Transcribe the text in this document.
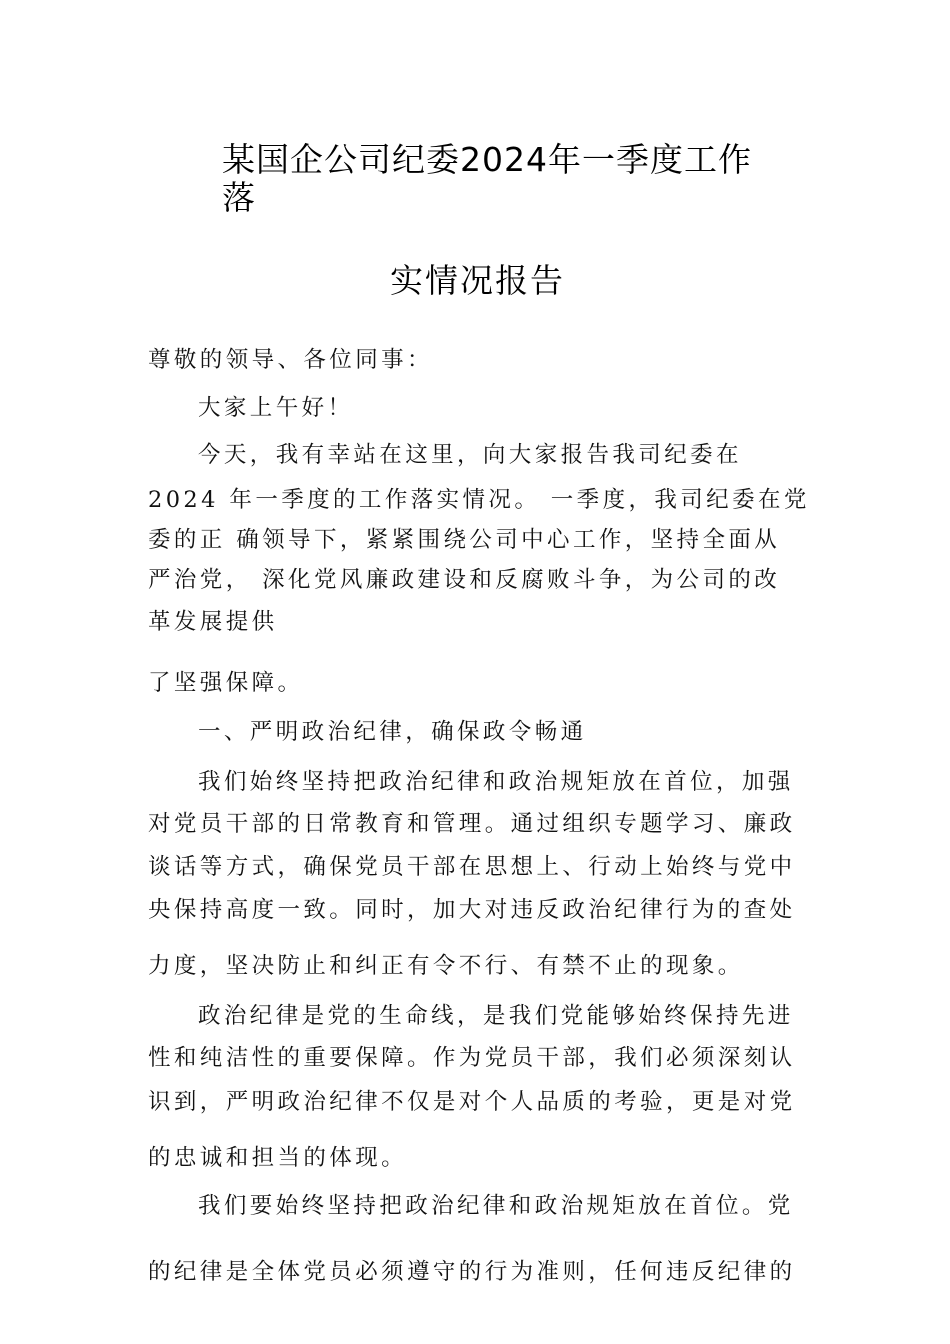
某国企公司纪委2024年一季度工作
落
实情况报告
尊敬的领导、各位同事：
大家上午好！
今天，我有幸站在这里，向大家报告我司纪委在
2024 年一季度的工作落实情况。 一季度，我司纪委在党
委的正 确领导下，紧紧围绕公司中心工作，坚持全面从
严治党， 深化党风廉政建设和反腐败斗争，为公司的改
革发展提供
了坚强保障。
一、严明政治纪律，确保政令畅通
我们始终坚持把政治纪律和政治规矩放在首位，加强
对党员干部的日常教育和管理。通过组织专题学习、廉政
谈话等方式，确保党员干部在思想上、行动上始终与党中
央保持高度一致。同时，加大对违反政治纪律行为的查处
力度，坚决防止和纠正有令不行、有禁不止的现象。
政治纪律是党的生命线，是我们党能够始终保持先进
性和纯洁性的重要保障。作为党员干部，我们必须深刻认
识到，严明政治纪律不仅是对个人品质的考验，更是对党
的忠诚和担当的体现。
我们要始终坚持把政治纪律和政治规矩放在首位。党
的纪律是全体党员必须遵守的行为准则，任何违反纪律的
